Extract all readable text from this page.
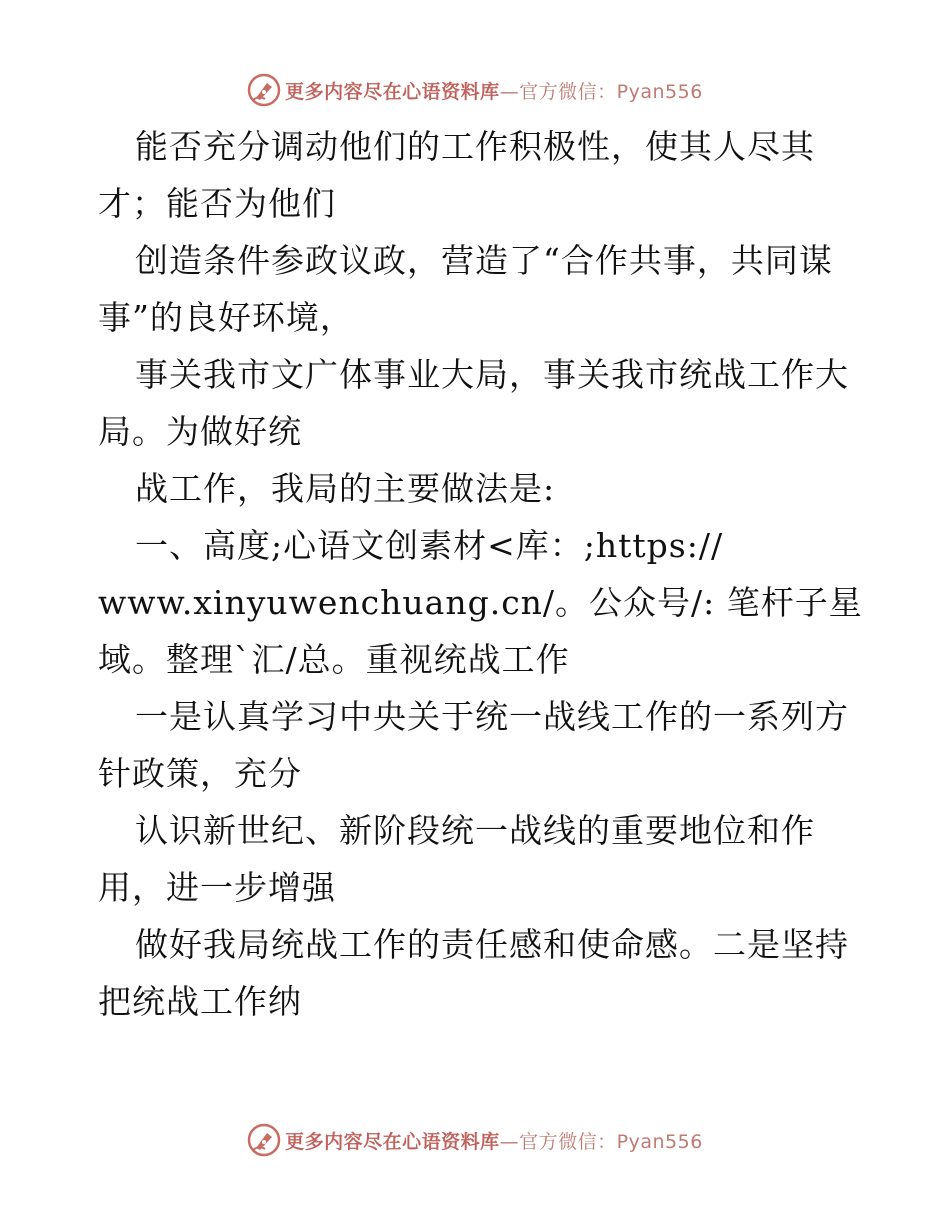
更多内容尽在心语资料库—官方微信：Pyan556
能否充分调动他们的工作积极性，使其人尽其
才；能否为他们
创造条件参政议政，营造了“合作共事，共同谋
事”的良好环境，
事关我市文广体事业大局，事关我市统战工作大
局。为做好统
战工作，我局的主要做法是:
一、高度;心语文创素材<库：;https://
www.xinyuwenchuang.cn/。公众号/: 笔杆子星
域。整理`汇/总。重视统战工作
一是认真学习中央关于统一战线工作的一系列方
针政策，充分
认识新世纪、新阶段统一战线的重要地位和作
用，进一步增强
做好我局统战工作的责任感和使命感。二是坚持
把统战工作纳
更多内容尽在心语资料库—官方微信：Pyan556
